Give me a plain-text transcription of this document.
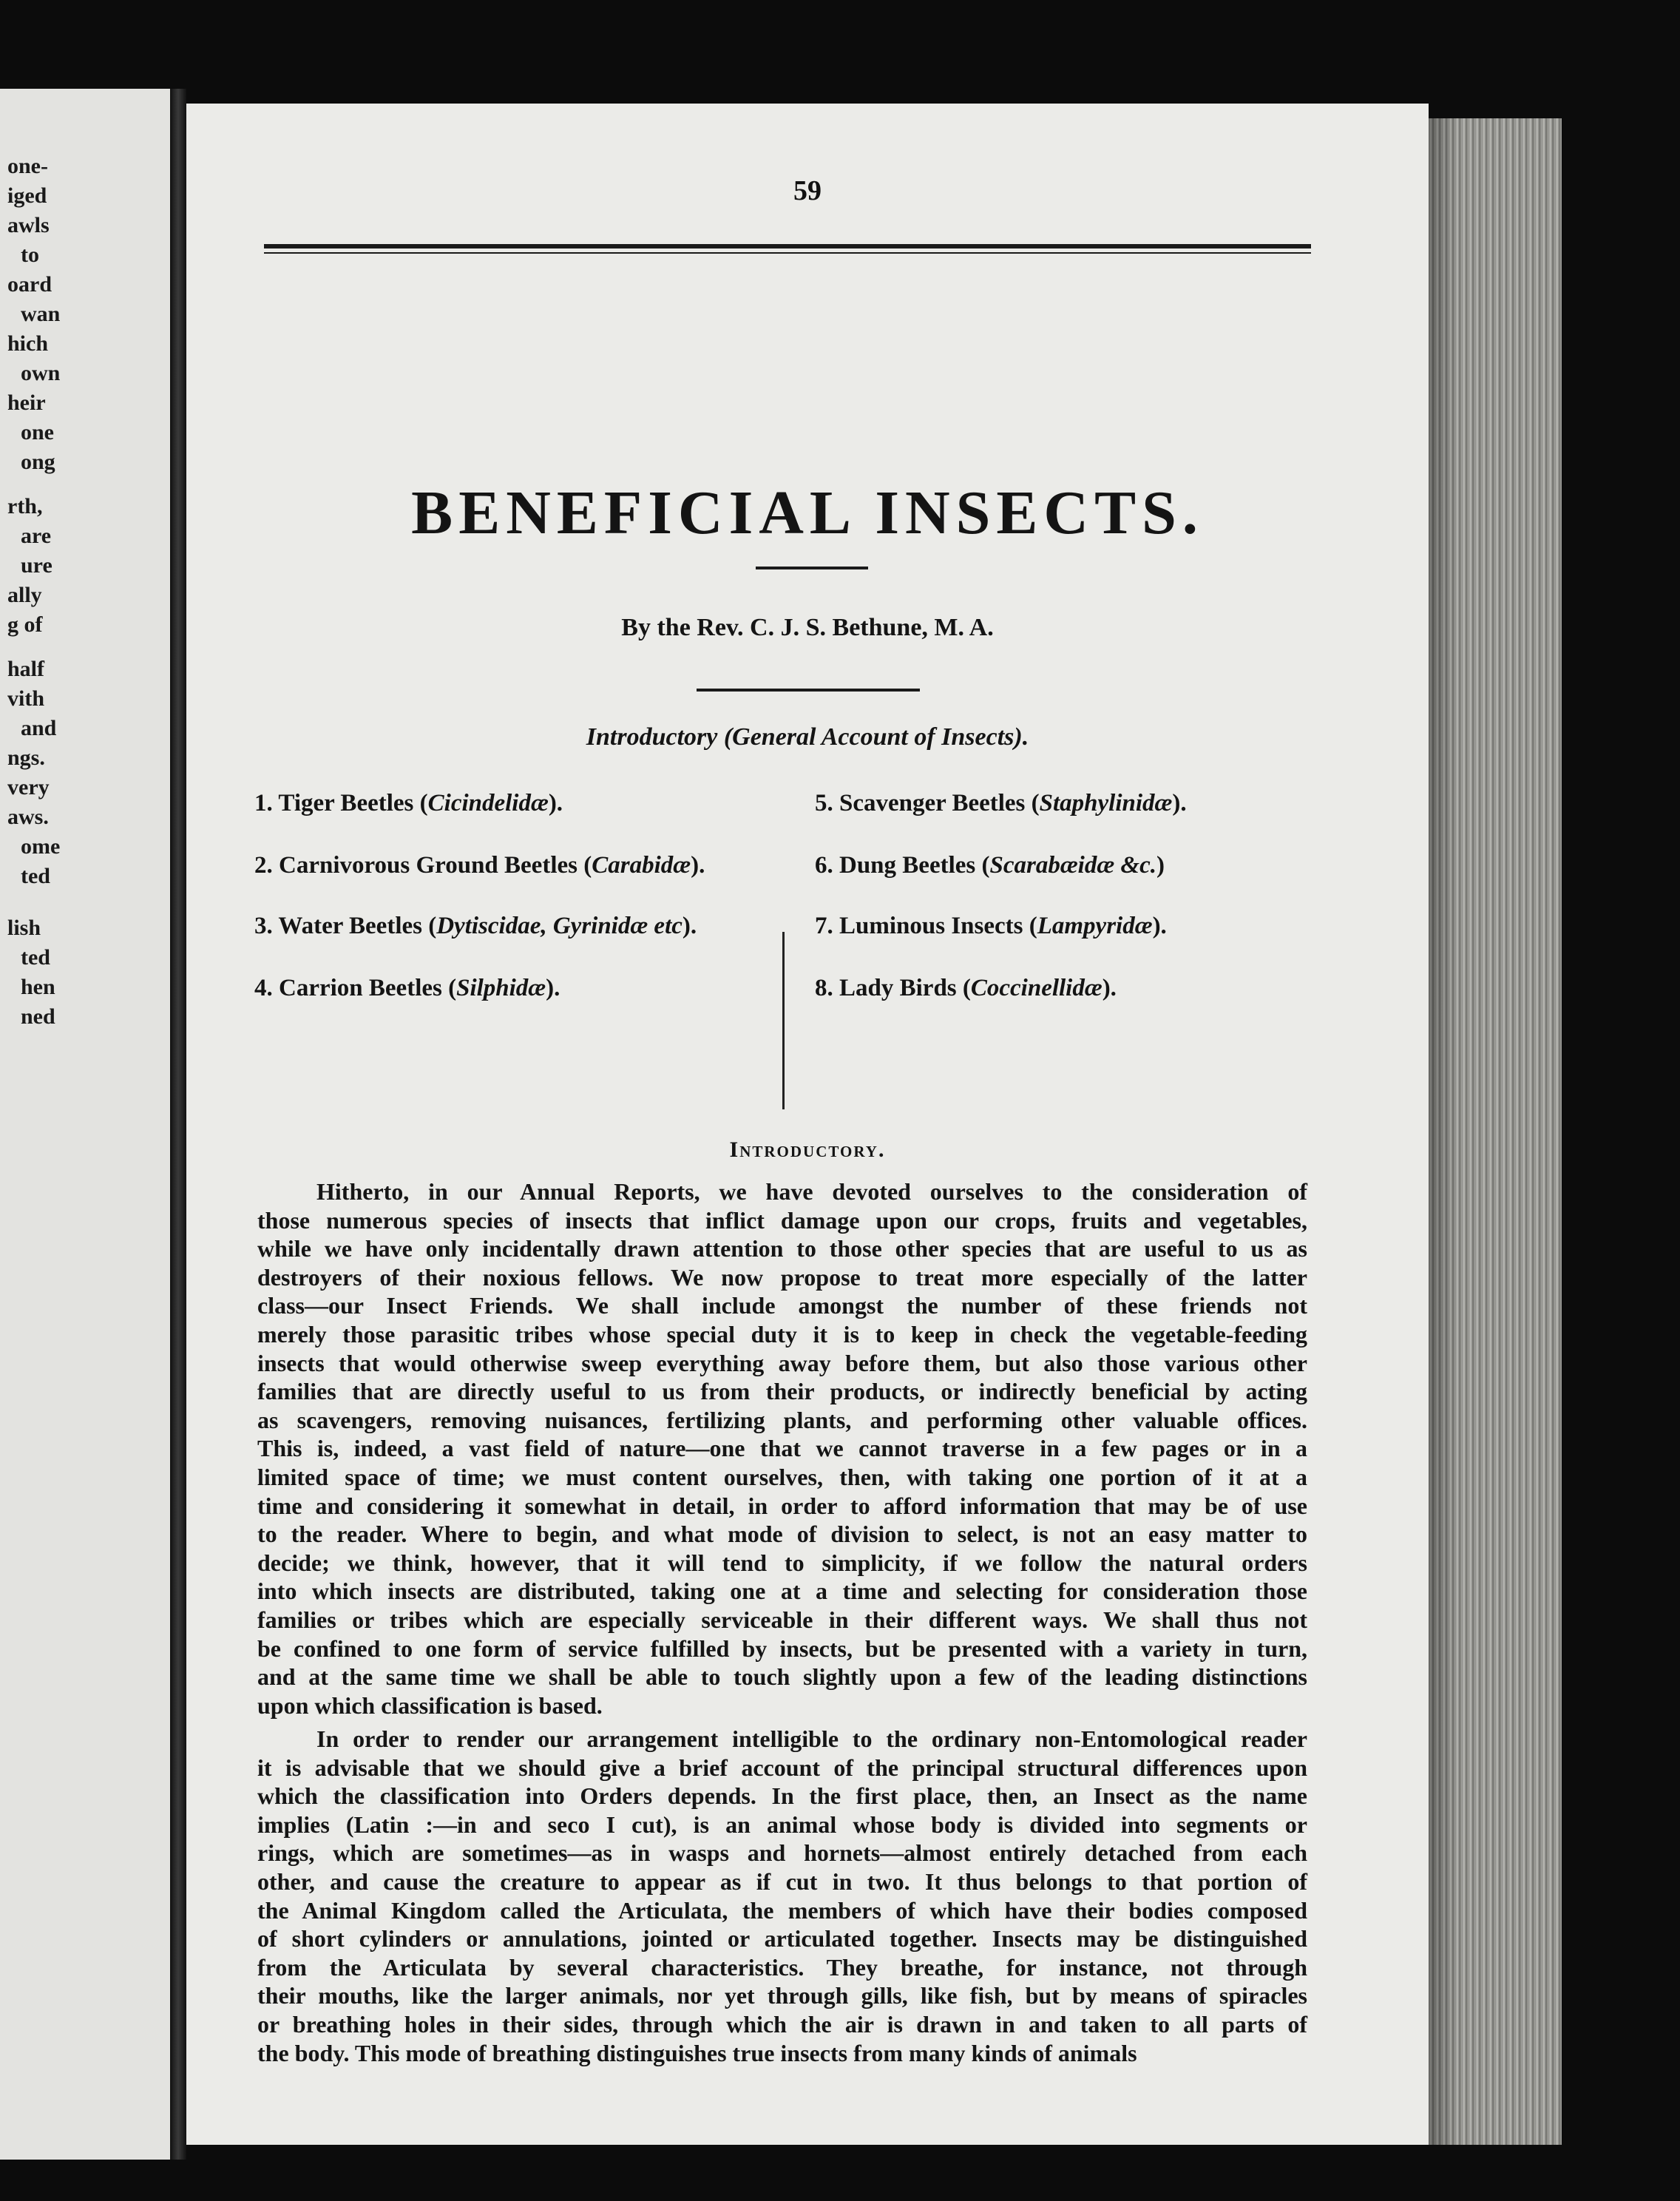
one-
iged
awls
to
oard
wan
hich
own
heir
one
ong
rth,
are
ure
ally
g of
half
vith
and
ngs.
very
aws.
ome
ted
lish
ted
hen
ned
59
BENEFICIAL INSECTS.
By the Rev. C. J. S. Bethune, M. A.
Introductory (General Account of Insects).
Introductory.
1. Tiger Beetles (Cicindelidæ).
2. Carnivorous Ground Beetles (Carabidæ).
3. Water Beetles (Dytiscidae, Gyrinidæ etc).
4. Carrion Beetles (Silphidæ).
5. Scavenger Beetles (Staphylinidæ).
6. Dung Beetles (Scarabæidæ &c.)
7. Luminous Insects (Lampyridæ).
8. Lady Birds (Coccinellidæ).
Hitherto, in our Annual Reports, we have devoted ourselves to the consideration of
those numerous species of insects that inflict damage upon our crops, fruits and vegetables,
while we have only incidentally drawn attention to those other species that are useful to us as
destroyers of their noxious fellows. We now propose to treat more especially of the latter
class—our Insect Friends. We shall include amongst the number of these friends not
merely those parasitic tribes whose special duty it is to keep in check the vegetable-feeding
insects that would otherwise sweep everything away before them, but also those various other
families that are directly useful to us from their products, or indirectly beneficial by acting
as scavengers, removing nuisances, fertilizing plants, and performing other valuable offices.
This is, indeed, a vast field of nature—one that we cannot traverse in a few pages or in a
limited space of time; we must content ourselves, then, with taking one portion of it at a
time and considering it somewhat in detail, in order to afford information that may be of use
to the reader. Where to begin, and what mode of division to select, is not an easy matter to
decide; we think, however, that it will tend to simplicity, if we follow the natural orders
into which insects are distributed, taking one at a time and selecting for consideration those
families or tribes which are especially serviceable in their different ways. We shall thus not
be confined to one form of service fulfilled by insects, but be presented with a variety in turn,
and at the same time we shall be able to touch slightly upon a few of the leading distinctions
upon which classification is based.
In order to render our arrangement intelligible to the ordinary non-Entomological reader
it is advisable that we should give a brief account of the principal structural differences upon
which the classification into Orders depends. In the first place, then, an Insect as the name
implies (Latin :—in and seco I cut), is an animal whose body is divided into segments or
rings, which are sometimes—as in wasps and hornets—almost entirely detached from each
other, and cause the creature to appear as if cut in two. It thus belongs to that portion of
the Animal Kingdom called the Articulata, the members of which have their bodies composed
of short cylinders or annulations, jointed or articulated together. Insects may be distinguished
from the Articulata by several characteristics. They breathe, for instance, not through
their mouths, like the larger animals, nor yet through gills, like fish, but by means of spiracles
or breathing holes in their sides, through which the air is drawn in and taken to all parts of
the body. This mode of breathing distinguishes true insects from many kinds of animals
